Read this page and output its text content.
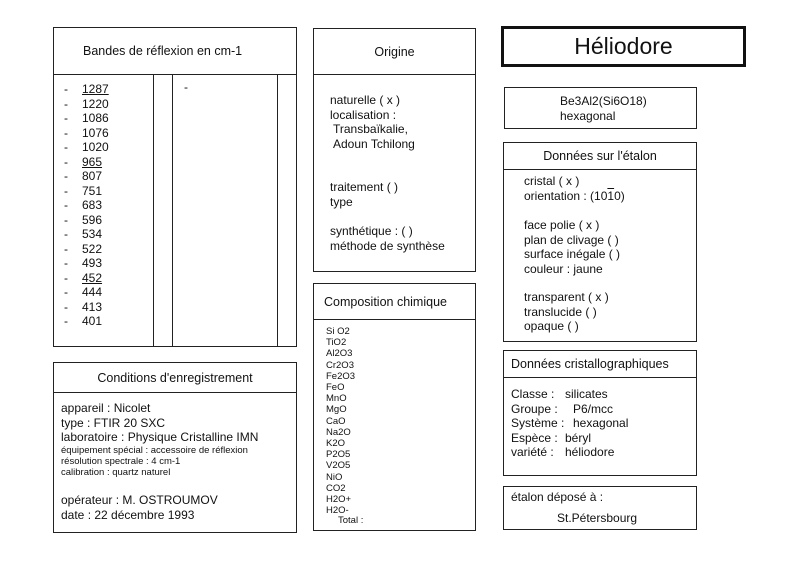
Bandes de réflexion en cm-1
-
-	1287
-	1220
-	1086
-	1076
-	1020
-	965
-	807
-	751
-	683
-	596
-	534
-	522
-	493
-	452
-	444
-	413
-	401
Origine
naturelle ( x )
localisation :
Transbaïkalie,
Adoun Tchilong
traitement ( )
type
synthétique : ( )
méthode de synthèse
Héliodore
Be3Al2(Si6O18)
hexagonal
Données sur l'étalon
cristal ( x )
orientation : (1010)
face polie ( x )
plan de clivage ( )
surface inégale ( )
couleur : jaune
transparent ( x )
translucide ( )
opaque ( )
Composition chimique
Si O2
TiO2
Al2O3
Cr2O3
Fe2O3
FeO
MnO
MgO
CaO
Na2O
K2O
P2O5
V2O5
NiO
CO2
H2O+
H2O-
Total :
Conditions d'enregistrement
appareil : Nicolet
type : FTIR 20 SXC
laboratoire : Physique Cristalline IMN
équipement spécial : accessoire de réflexion
résolution spectrale : 4 cm-1
calibration : quartz naturel
opérateur : M. OSTROUMOV
date : 22 décembre 1993
Données cristallographiques
Classe : silicates
Groupe : P6/mcc
Système : hexagonal
Espèce : béryl
variété : héliodore
étalon déposé à :
St.Pétersbourg
